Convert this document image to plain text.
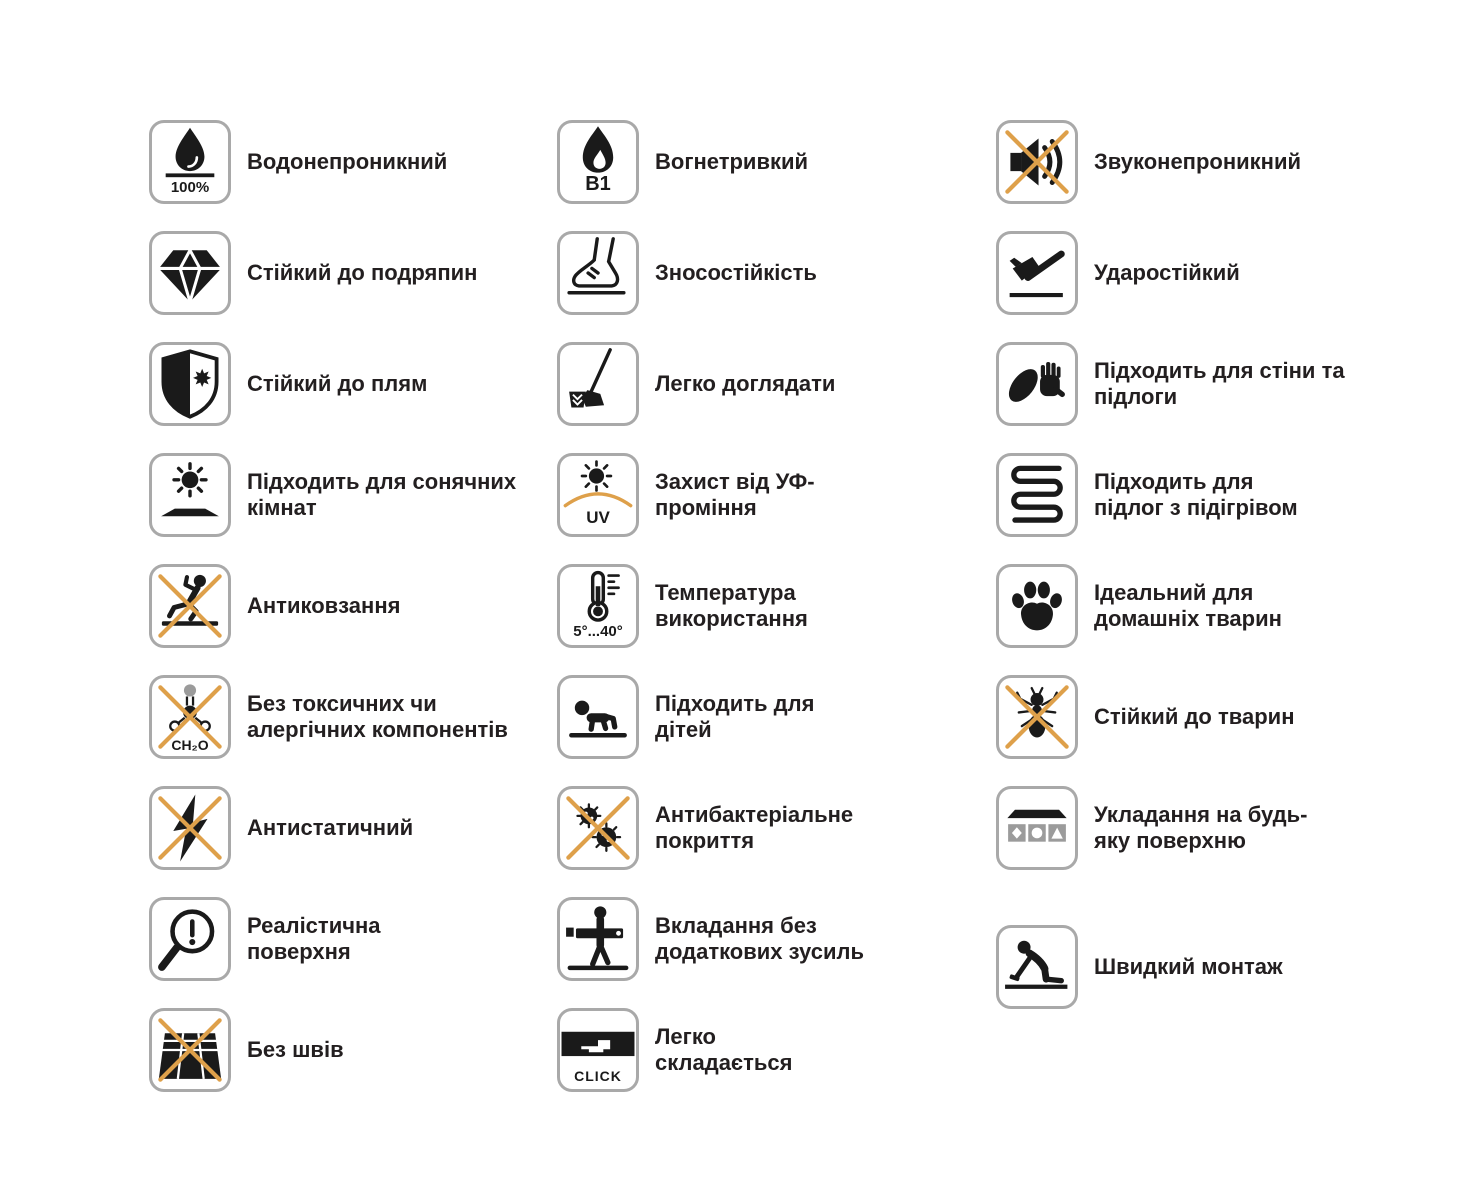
100%
Водонепроникний
Стійкий до подряпин
Стійкий до плям
Підходить для сонячних
кімнат
Антиковзання
CH₂O
Без токсичних чи
алергічних компонентів
Антистатичний
Реалістична
поверхня
Без швів
B1
Вогнетривкий
Зносостійкість
Легко доглядати
UV
Захист від УФ-
проміння
5°...40°
Температура
використання
Підходить для
дітей
Антибактеріальне
покриття
Вкладання без
додаткових зусиль
CLICK
Легко
складається
Звуконепроникний
Ударостійкий
Підходить для стіни та
підлоги
Підходить для
підлог з підігрівом
Ідеальний для
домашніх тварин
Стійкий до тварин
Укладання на будь-
яку поверхню
Швидкий монтаж
